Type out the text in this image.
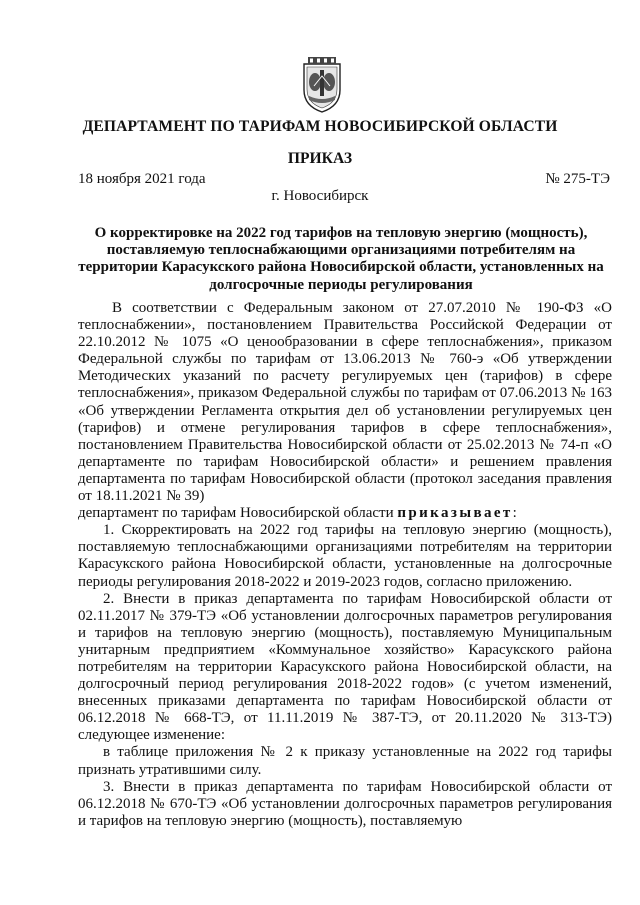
ДЕПАРТАМЕНТ ПО ТАРИФАМ НОВОСИБИРСКОЙ ОБЛАСТИ
ПРИКАЗ
18 ноября 2021 года	№ 275-ТЭ
г. Новосибирск
О корректировке на 2022 год тарифов на тепловую энергию (мощность), поставляемую теплоснабжающими организациями потребителям на территории Карасукского района Новосибирской области, установленных на долгосрочные периоды регулирования

В соответствии с Федеральным законом от 27.07.2010 № 190-ФЗ «О теплоснабжении», постановлением Правительства Российской Федерации от 22.10.2012 № 1075 «О ценообразовании в сфере теплоснабжения», приказом Федеральной службы по тарифам от 13.06.2013 № 760-э «Об утверждении Методических указаний по расчету регулируемых цен (тарифов) в сфере теплоснабжения», приказом Федеральной службы по тарифам от 07.06.2013 № 163 «Об утверждении Регламента открытия дел об установлении регулируемых цен (тарифов) и отмене регулирования тарифов в сфере теплоснабжения», постановлением Правительства Новосибирской области от 25.02.2013 № 74-п «О департаменте по тарифам Новосибирской области» и решением правления департамента по тарифам Новосибирской области (протокол заседания правления от 18.11.2021 № 39)

департамент по тарифам Новосибирской области приказывает:

1. Скорректировать на 2022 год тарифы на тепловую энергию (мощность), поставляемую теплоснабжающими организациями потребителям на территории Карасукского района Новосибирской области, установленные на долгосрочные периоды регулирования 2018-2022 и 2019-2023 годов, согласно приложению.

2. Внести в приказ департамента по тарифам Новосибирской области от 02.11.2017 № 379-ТЭ «Об установлении долгосрочных параметров регулирования и тарифов на тепловую энергию (мощность), поставляемую Муниципальным унитарным предприятием «Коммунальное хозяйство» Карасукского района потребителям на территории Карасукского района Новосибирской области, на долгосрочный период регулирования 2018-2022 годов» (с учетом изменений, внесенных приказами департамента по тарифам Новосибирской области от 06.12.2018 № 668-ТЭ, от 11.11.2019 № 387-ТЭ, от 20.11.2020 № 313-ТЭ) следующее изменение:

в таблице приложения № 2 к приказу установленные на 2022 год тарифы признать утратившими силу.

3. Внести в приказ департамента по тарифам Новосибирской области от 06.12.2018 № 670-ТЭ «Об установлении долгосрочных параметров регулирования и тарифов на тепловую энергию (мощность), поставляемую
